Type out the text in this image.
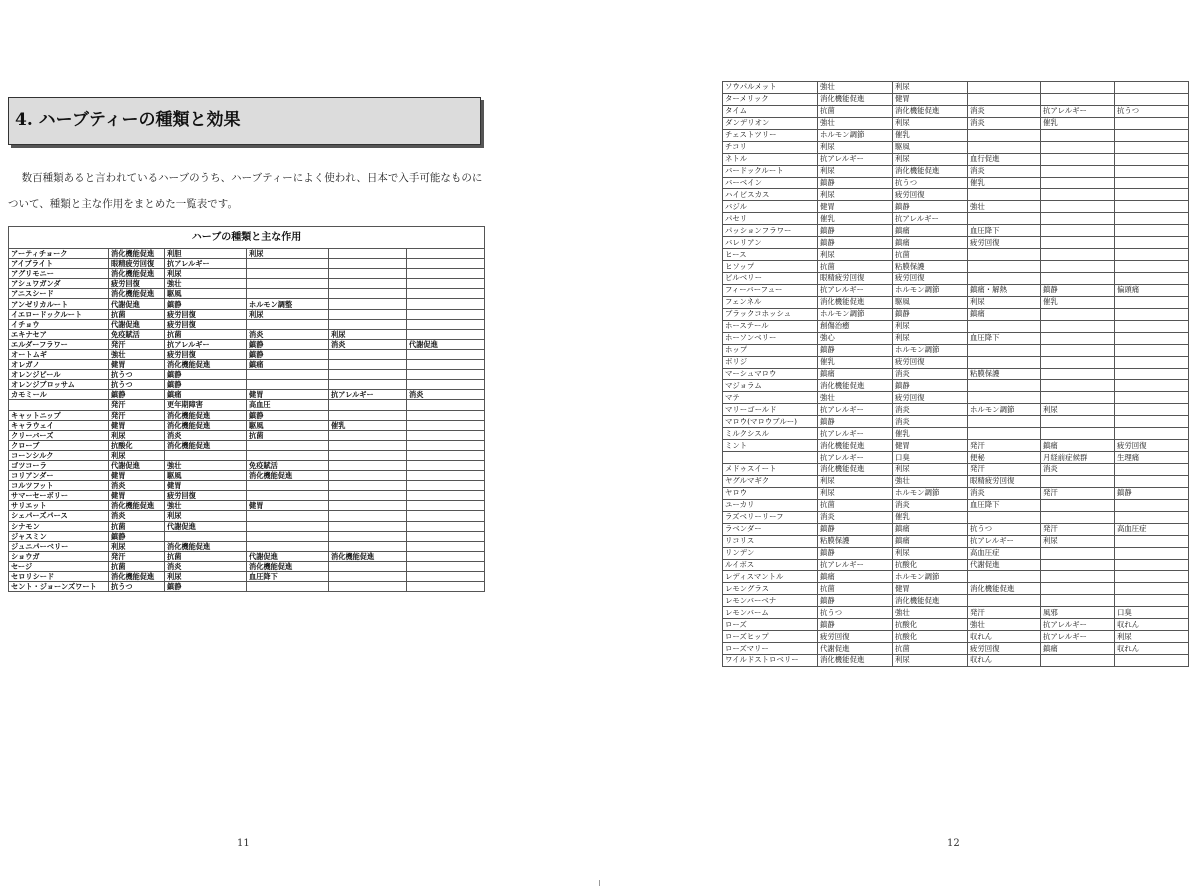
4. ハーブティーの種類と効果

数百種類あると言われているハーブのうち、ハーブティーによく使われ、日本で入手可能なものについて、種類と主な作用をまとめた一覧表です。

ハーブの種類と主な作用
アーティチョーク	消化機能促進	利胆	利尿		
アイブライト	眼精疲労回復	抗アレルギー			
アグリモニー	消化機能促進	利尿			
アシュワガンダ	疲労回復	強壮			
アニスシード	消化機能促進	駆風			
アンゼリカルート	代謝促進	鎮静	ホルモン調整		
イエロードックルート	抗菌	疲労回復	利尿		
イチョウ	代謝促進	疲労回復			
エキナセア	免疫賦活	抗菌	消炎	利尿	
エルダーフラワー	発汗	抗アレルギー	鎮静	消炎	代謝促進
オートムギ	強壮	疲労回復	鎮静		
オレガノ	健胃	消化機能促進	鎮痛		
オレンジピール	抗うつ	鎮静			
オレンジブロッサム	抗うつ	鎮静			
カモミール	鎮静	鎮痛	健胃	抗アレルギー	消炎
	発汗	更年期障害	高血圧		
キャットニップ	発汗	消化機能促進	鎮静		
キャラウェイ	健胃	消化機能促進	駆風	催乳	
クリーバーズ	利尿	消炎	抗菌		
クローブ	抗酸化	消化機能促進			
コーンシルク	利尿				
ゴツコーラ	代謝促進	強壮	免疫賦活		
コリアンダー	健胃	駆風	消化機能促進		
コルツフット	消炎	健胃			
サマーセーボリー	健胃	疲労回復			
サリエット	消化機能促進	強壮	健胃		
シェパーズパース	消炎	利尿			
シナモン	抗菌	代謝促進			
ジャスミン	鎮静				
ジュニパーベリー	利尿	消化機能促進			
ショウガ	発汗	抗菌	代謝促進	消化機能促進	
セージ	抗菌	消炎	消化機能促進		
セロリシード	消化機能促進	利尿	血圧降下		
セント・ジョーンズワート	抗うつ	鎮静			
11
ソウパルメット	強壮	利尿			
ターメリック	消化機能促進	健胃			
タイム	抗菌	消化機能促進	消炎	抗アレルギー	抗うつ
ダンデリオン	強壮	利尿	消炎	催乳	
チェストツリー	ホルモン調節	催乳			
チコリ	利尿	駆風			
ネトル	抗アレルギー	利尿	血行促進		
バードックルート	利尿	消化機能促進	消炎		
バーベイン	鎮静	抗うつ	催乳		
ハイビスカス	利尿	疲労回復			
バジル	健胃	鎮静	強壮		
パセリ	催乳	抗アレルギー			
パッションフラワー	鎮静	鎮痛	血圧降下		
バレリアン	鎮静	鎮痛	疲労回復		
ヒース	利尿	抗菌			
ヒソップ	抗菌	粘膜保護			
ビルベリー	眼精疲労回復	疲労回復			
フィーバーフュー	抗アレルギー	ホルモン調節	鎮痛・解熱	鎮静	偏頭痛
フェンネル	消化機能促進	駆風	利尿	催乳	
ブラックコホッシュ	ホルモン調節	鎮静	鎮痛		
ホーステール	創傷治癒	利尿			
ホーソンベリー	強心	利尿	血圧降下		
ホップ	鎮静	ホルモン調節			
ボリジ	催乳	疲労回復			
マーシュマロウ	鎮痛	消炎	粘膜保護		
マジョラム	消化機能促進	鎮静			
マテ	強壮	疲労回復			
マリーゴールド	抗アレルギー	消炎	ホルモン調節	利尿	
マロウ(マロウブルー)	鎮静	消炎			
ミルクシスル	抗アレルギー	催乳			
ミント	消化機能促進	健胃	発汗	鎮痛	疲労回復
	抗アレルギー	口臭	便秘	月経前症候群	生理痛
メドゥスイート	消化機能促進	利尿	発汗	消炎	
ヤグルマギク	利尿	強壮	眼精疲労回復		
ヤロウ	利尿	ホルモン調節	消炎	発汗	鎮静
ユーカリ	抗菌	消炎	血圧降下		
ラズベリーリーフ	消炎	催乳			
ラベンダー	鎮静	鎮痛	抗うつ	発汗	高血圧症
リコリス	粘膜保護	鎮痛	抗アレルギー	利尿	
リンデン	鎮静	利尿	高血圧症		
ルイボス	抗アレルギー	抗酸化	代謝促進		
レディスマントル	鎮痛	ホルモン調節			
レモングラス	抗菌	健胃	消化機能促進		
レモンバーベナ	鎮静	消化機能促進			
レモンバーム	抗うつ	強壮	発汗	風邪	口臭
ローズ	鎮静	抗酸化	強壮	抗アレルギー	収れん
ローズヒップ	疲労回復	抗酸化	収れん	抗アレルギー	利尿
ローズマリー	代謝促進	抗菌	疲労回復	鎮痛	収れん
ワイルドストロベリー	消化機能促進	利尿	収れん		
12
